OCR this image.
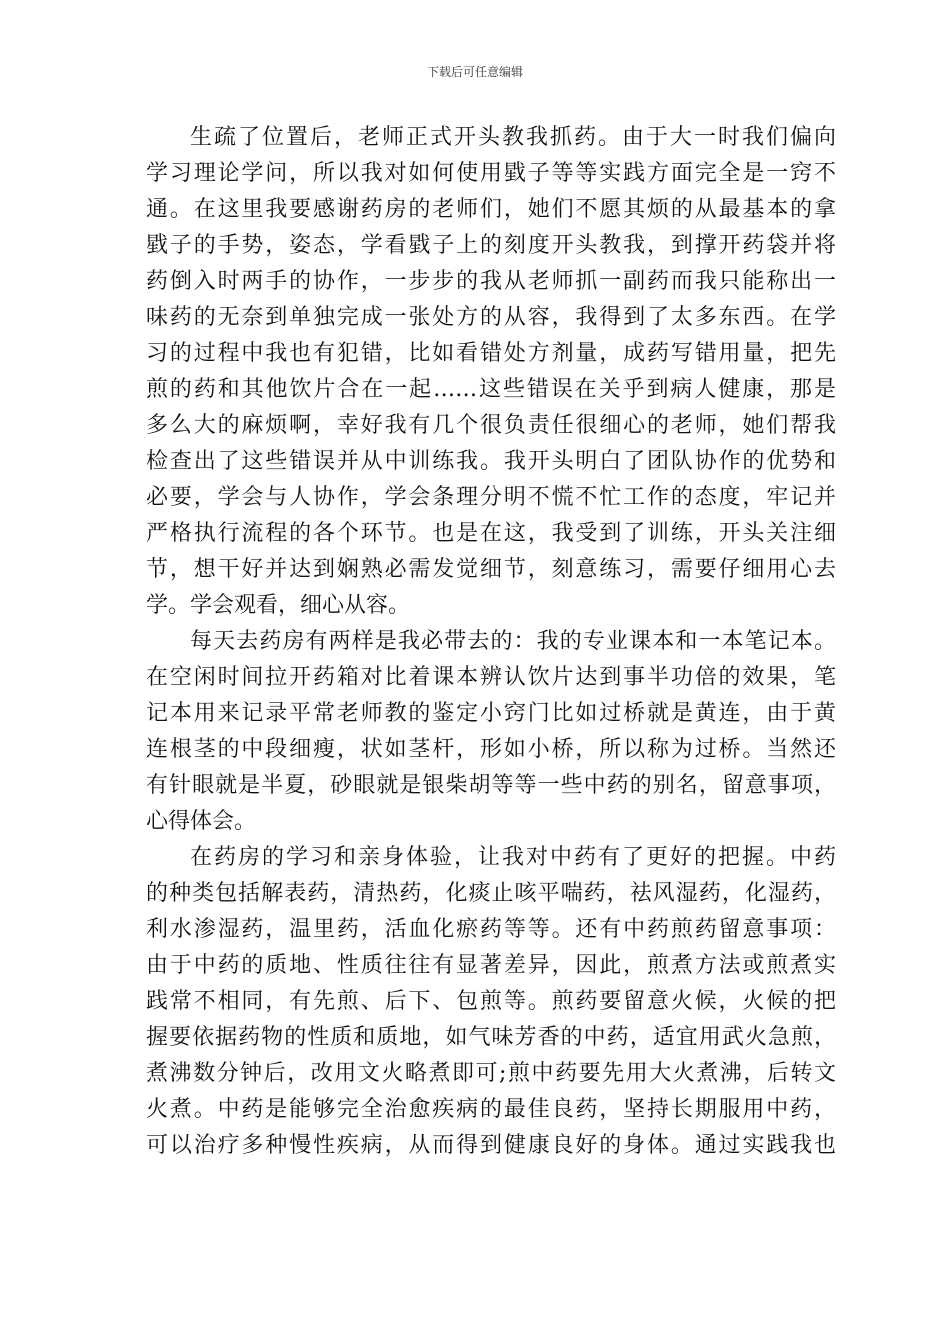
下载后可任意编辑
生疏了位置后，老师正式开头教我抓药。由于大一时我们偏向
学习理论学问，所以我对如何使用戥子等等实践方面完全是一窍不
通。在这里我要感谢药房的老师们，她们不愿其烦的从最基本的拿
戥子的手势，姿态，学看戥子上的刻度开头教我，到撑开药袋并将
药倒入时两手的协作，一步步的我从老师抓一副药而我只能称出一
味药的无奈到单独完成一张处方的从容，我得到了太多东西。在学
习的过程中我也有犯错，比如看错处方剂量，成药写错用量，把先
煎的药和其他饮片合在一起……这些错误在关乎到病人健康，那是
多么大的麻烦啊，幸好我有几个很负责任很细心的老师，她们帮我
检查出了这些错误并从中训练我。我开头明白了团队协作的优势和
必要，学会与人协作，学会条理分明不慌不忙工作的态度，牢记并
严格执行流程的各个环节。也是在这，我受到了训练，开头关注细
节，想干好并达到娴熟必需发觉细节，刻意练习，需要仔细用心去
学。学会观看，细心从容。
每天去药房有两样是我必带去的：我的专业课本和一本笔记本。
在空闲时间拉开药箱对比着课本辨认饮片达到事半功倍的效果，笔
记本用来记录平常老师教的鉴定小窍门比如过桥就是黄连，由于黄
连根茎的中段细瘦，状如茎杆，形如小桥，所以称为过桥。当然还
有针眼就是半夏，砂眼就是银柴胡等等一些中药的别名，留意事项，
心得体会。
在药房的学习和亲身体验，让我对中药有了更好的把握。中药
的种类包括解表药，清热药，化痰止咳平喘药，祛风湿药，化湿药，
利水渗湿药，温里药，活血化瘀药等等。还有中药煎药留意事项：
由于中药的质地、性质往往有显著差异，因此，煎煮方法或煎煮实
践常不相同，有先煎、后下、包煎等。煎药要留意火候，火候的把
握要依据药物的性质和质地，如气味芳香的中药，适宜用武火急煎，
煮沸数分钟后，改用文火略煮即可;煎中药要先用大火煮沸，后转文
火煮。中药是能够完全治愈疾病的最佳良药，坚持长期服用中药，
可以治疗多种慢性疾病，从而得到健康良好的身体。通过实践我也
